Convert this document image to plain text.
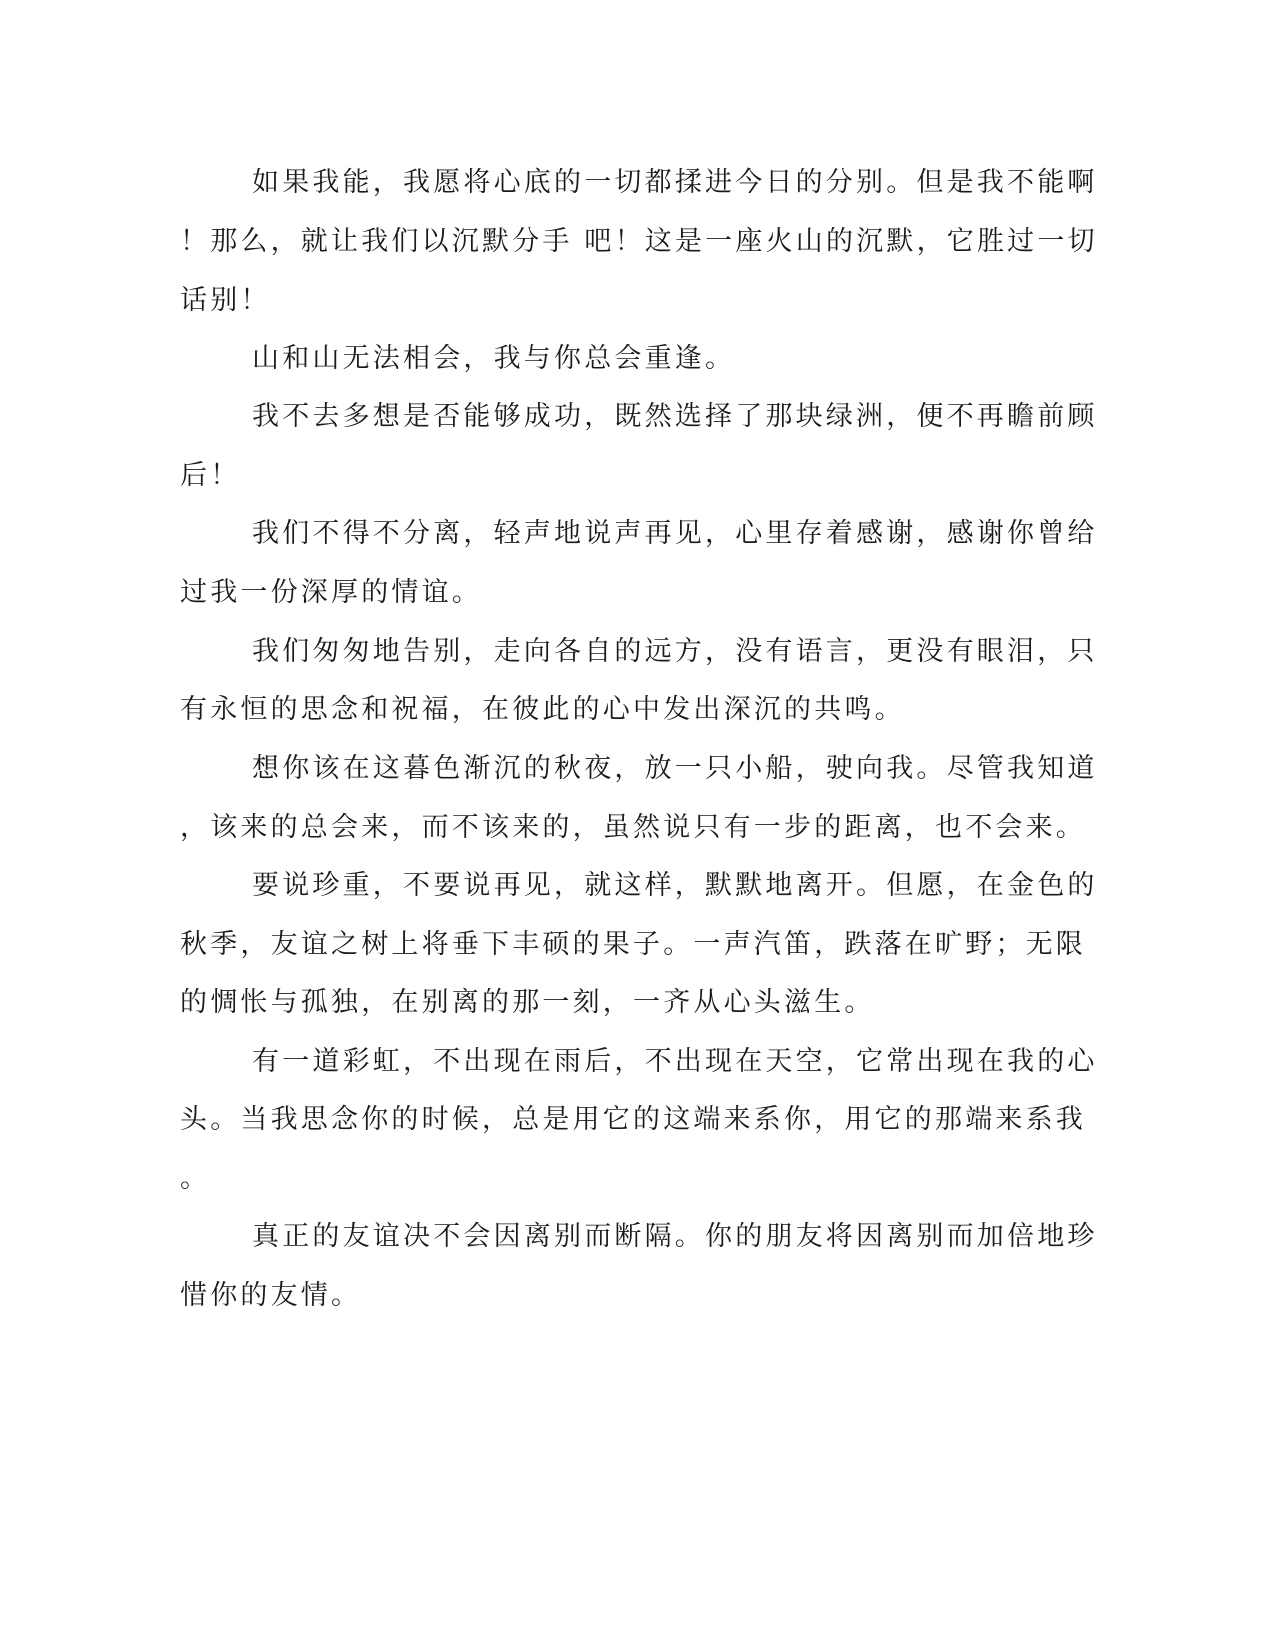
如果我能，我愿将心底的一切都揉进今日的分别。但是我不能啊
！那么，就让我们以沉默分手 吧！这是一座火山的沉默，它胜过一切
话别！
山和山无法相会，我与你总会重逢。
我不去多想是否能够成功，既然选择了那块绿洲，便不再瞻前顾
后！
我们不得不分离，轻声地说声再见，心里存着感谢，感谢你曾给
过我一份深厚的情谊。
我们匆匆地告别，走向各自的远方，没有语言，更没有眼泪，只
有永恒的思念和祝福，在彼此的心中发出深沉的共鸣。
想你该在这暮色渐沉的秋夜，放一只小船，驶向我。尽管我知道
，该来的总会来，而不该来的，虽然说只有一步的距离，也不会来。
要说珍重，不要说再见，就这样，默默地离开。但愿，在金色的
秋季，友谊之树上将垂下丰硕的果子。一声汽笛，跌落在旷野；无限
的惆怅与孤独，在别离的那一刻，一齐从心头滋生。
有一道彩虹，不出现在雨后，不出现在天空，它常出现在我的心
头。当我思念你的时候，总是用它的这端来系你，用它的那端来系我
。
真正的友谊决不会因离别而断隔。你的朋友将因离别而加倍地珍
惜你的友情。
